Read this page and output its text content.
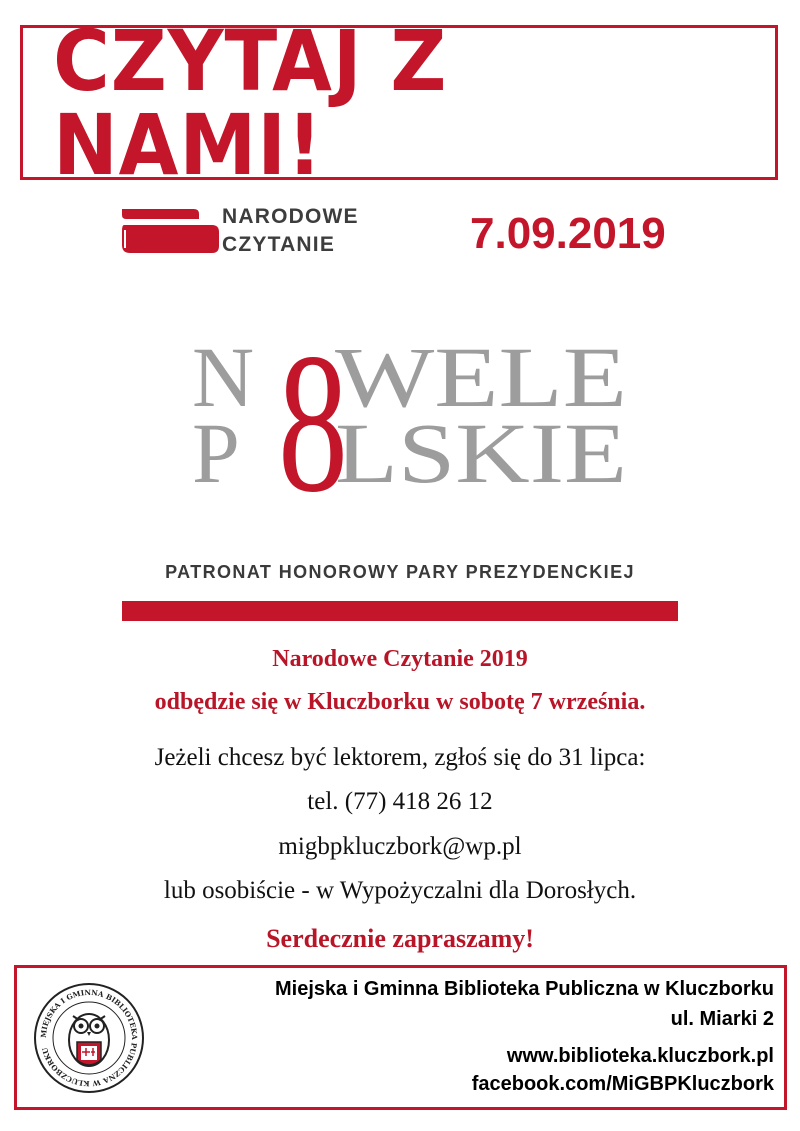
CZYTAJ Z NAMI!
NARODOWE
CZYTANIE	7.09.2019
N WELE
P LSKIE
8
PATRONAT HONOROWY PARY PREZYDENCKIEJ
Narodowe Czytanie 2019
odbędzie się w Kluczborku w sobotę 7 września.
Jeżeli chcesz być lektorem, zgłoś się do 31 lipca:
tel. (77) 418 26 12
migbpkluczbork@wp.pl
lub osobiście - w Wypożyczalni dla Dorosłych.
Serdecznie zapraszamy!
MIEJSKA I GMINNA BIBLIOTEKA PUBLICZNA W KLUCZBORKU
Miejska i Gminna Biblioteka Publiczna w Kluczborku
ul. Miarki 2
www.biblioteka.kluczbork.pl
facebook.com/MiGBPKluczbork
